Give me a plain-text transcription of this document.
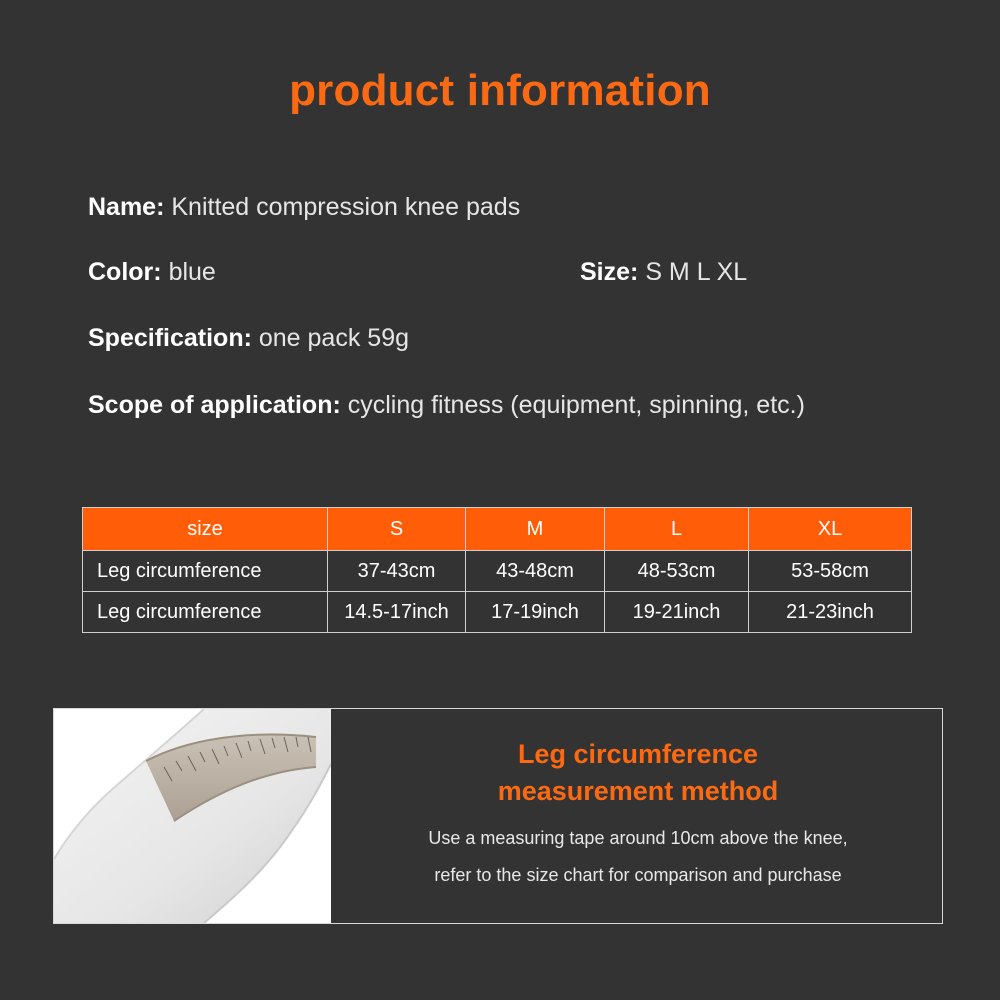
product information
Name: Knitted compression knee pads
Color: blue	Size: S M L XL
Specification: one pack 59g
Scope of application: cycling fitness (equipment, spinning, etc.)
size	S	M	L	XL
Leg circumference	37-43cm	43-48cm	48-53cm	53-58cm
Leg circumference	14.5-17inch	17-19inch	19-21inch	21-23inch
Leg circumference
measurement method
Use a measuring tape around 10cm above the knee,
refer to the size chart for comparison and purchase
